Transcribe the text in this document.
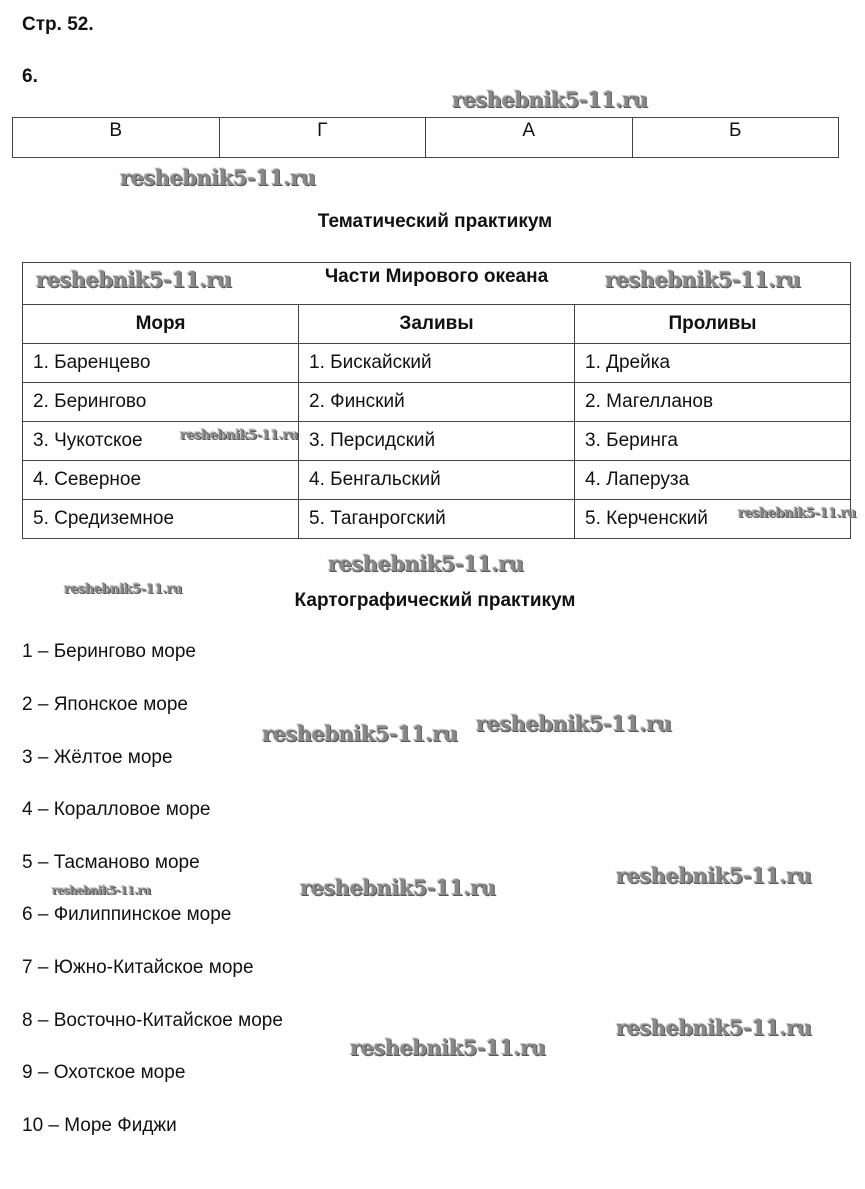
Стр. 52.
6.
В	Г	А	Б
Тематический практикум
Части Мирового океана		
Моря	Заливы	Проливы
1. Баренцево	1. Бискайский	1. Дрейка
2. Берингово	2. Финский	2. Магелланов
3. Чукотское	3. Персидский	3. Беринга
4. Северное	4. Бенгальский	4. Лаперуза
5. Средиземное	5. Таганрогский	5. Керченский
Картографический практикум
1 – Берингово море
2 – Японское море
3 – Жёлтое море
4 – Коралловое море
5 – Тасманово море
6 – Филиппинское море
7 – Южно-Китайское море
8 – Восточно-Китайское море
9 – Охотское море
10 – Море Фиджи
reshebnik5-11.ru
reshebnik5-11.ru
reshebnik5-11.ru
reshebnik5-11.ru
reshebnik5-11.ru
reshebnik5-11.ru
reshebnik5-11.ru
reshebnik5-11.ru
reshebnik5-11.ru
reshebnik5-11.ru
reshebnik5-11.ru
reshebnik5-11.ru
reshebnik5-11.ru
reshebnik5-11.ru
reshebnik5-11.ru
